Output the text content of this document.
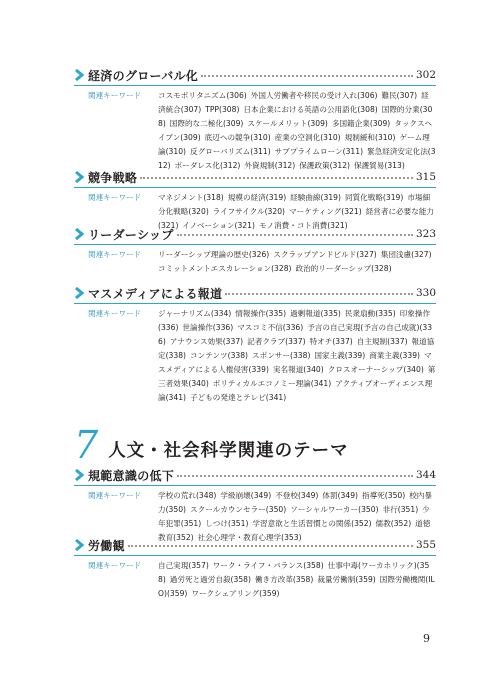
経済のグローバル化	302
関連キーワード	コスモポリタニズム(306) 外国人労働者や移民の受け入れ(306) 難民(307) 経済統合(307) TPP(308) 日本企業における英語の公用語化(308) 国際的分業(308) 国際的な二極化(309) スケールメリット(309) 多国籍企業(309) タックスヘイブン(309) 底辺への競争(310) 産業の空洞化(310) 規制緩和(310) ゲーム理論(310) 反グローバリズム(311) サブプライムローン(311) 緊急経済安定化法(312) ボーダレス化(312) 外資規制(312) 保護政策(312) 保護貿易(313)
競争戦略	315
関連キーワード	マネジメント(318) 規模の経済(319) 経験曲線(319) 同質化戦略(319) 市場細分化戦略(320) ライフサイクル(320) マーケティング(321) 経営者に必要な能力(321) イノベーション(321) モノ消費・コト消費(321)
リーダーシップ	323
関連キーワード	リーダーシップ理論の歴史(326) スクラップアンドビルド(327) 集団浅慮(327)コミットメントエスカレーション(328) 政治的リーダーシップ(328)
マスメディアによる報道	330
関連キーワード	ジャーナリズム(334) 情報操作(335) 過剰報道(335) 民衆扇動(335) 印象操作(336) 世論操作(336) マスコミ不信(336) 予言の自己実現(予言の自己成就)(336) アナウンス効果(337) 記者クラブ(337) 特オチ(337) 自主規制(337) 報道協定(338) コンテンツ(338) スポンサー(338) 国家主義(339) 商業主義(339) マスメディアによる人権侵害(339) 実名報道(340) クロスオーナーシップ(340) 第三者効果(340) ポリティカルエコノミー理論(341) アクティブオーディエンス理論(341) 子どもの発達とテレビ(341)
7 人文・社会科学関連のテーマ
規範意識の低下	344
関連キーワード	学校の荒れ(348) 学級崩壊(349) 不登校(349) 体罰(349) 指導死(350) 校内暴力(350) スクールカウンセラー(350) ソーシャルワーカー(350) 非行(351) 少年犯罪(351) しつけ(351) 学習意欲と生活習慣との関係(352) 儒教(352) 道徳教育(352) 社会心理学・教育心理学(353)
労働観	355
関連キーワード	自己実現(357) ワーク・ライフ・バランス(358) 仕事中毒(ワーカホリック)(358) 過労死と過労自殺(358) 働き方改革(358) 裁量労働制(359) 国際労働機関(ILO)(359) ワークシェアリング(359)
9
